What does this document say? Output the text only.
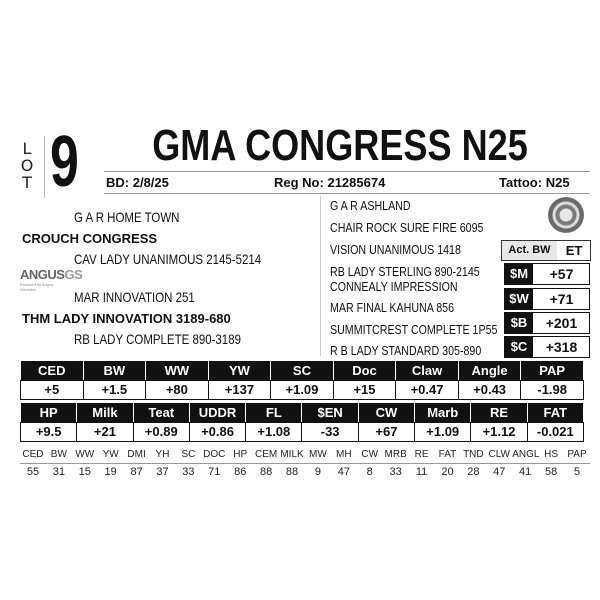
L
O
T 9 GMA CONGRESS N25
BD: 2/8/25	Reg No: 21285674	Tattoo: N25
G A R HOME TOWN
CROUCH CONGRESS
CAV LADY UNANIMOUS 2145-5214
MAR INNOVATION 251
THM LADY INNOVATION 3189-680
RB LADY COMPLETE 890-3189
ANGUSGS
Powered by Angus Genetics
G A R ASHLAND
CHAIR ROCK SURE FIRE 6095
VISION UNANIMOUS 1418
RB LADY STERLING 890-2145
CONNEALY IMPRESSION
MAR FINAL KAHUNA 856
SUMMITCREST COMPLETE 1P55
R B LADY STANDARD 305-890
Act. BW	ET
$M	+57
$W	+71
$B	+201
$C	+318
CED	BW	WW	YW	SC	Doc	Claw	Angle	PAP
+5	+1.5	+80	+137	+1.09	+15	+0.47	+0.43	-1.98
HP	Milk	Teat	UDDR	FL	$EN	CW	Marb	RE	FAT
+9.5	+21	+0.89	+0.86	+1.08	-33	+67	+1.09	+1.12	-0.021
CED	BW	WW	YW	DMI	YH	SC	DOC	HP	CEM	MILK	MW	MH	CW	MRB	RE	FAT	TND	CLW	ANGL	HS	PAP
55	31	15	19	87	37	33	71	86	88	88	9	47	8	33	11	20	28	47	41	58	5
